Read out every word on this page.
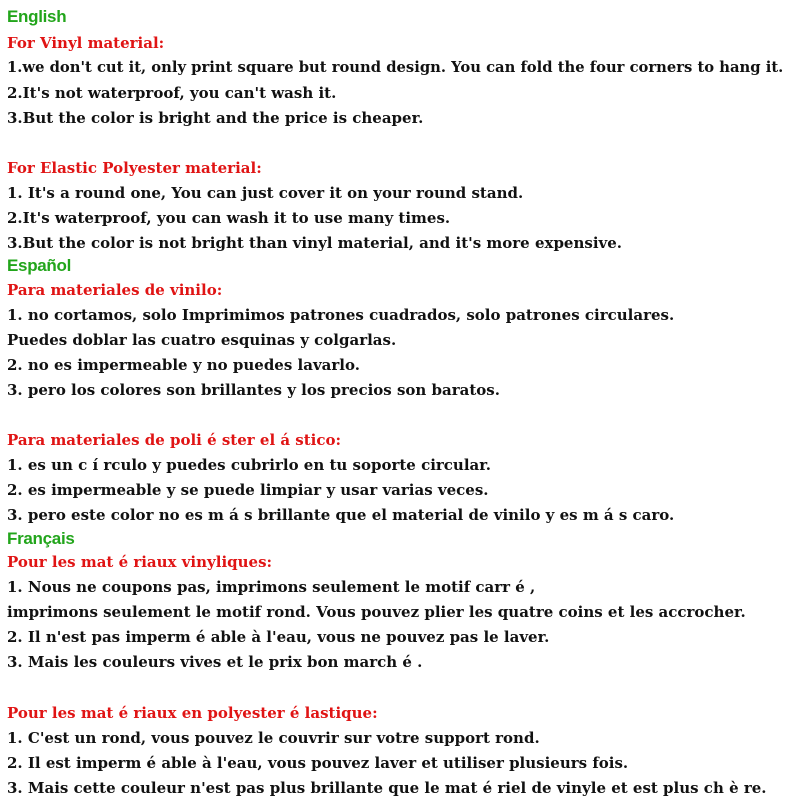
English
For Vinyl material:
1.we don't cut it, only print square but round design. You can fold the four corners to hang it.
2.It's not waterproof, you can't wash it.
3.But the color is bright and the price is cheaper.
For Elastic Polyester material:
1. It's a round one, You can just cover it on your round stand.
2.It's waterproof, you can wash it to use many times.
3.But the color is not bright than vinyl material, and it's more expensive.
Español
Para materiales de vinilo:
1. no cortamos, solo Imprimimos patrones cuadrados, solo patrones circulares.
Puedes doblar las cuatro esquinas y colgarlas.
2. no es impermeable y no puedes lavarlo.
3. pero los colores son brillantes y los precios son baratos.
Para materiales de poli é ster el á stico:
1. es un c í rculo y puedes cubrirlo en tu soporte circular.
2. es impermeable y se puede limpiar y usar varias veces.
3. pero este color no es m á s brillante que el material de vinilo y es m á s caro.
Français
Pour les mat é riaux vinyliques:
1. Nous ne coupons pas, imprimons seulement le motif carr é ,
imprimons seulement le motif rond. Vous pouvez plier les quatre coins et les accrocher.
2. Il n'est pas imperm é able à l'eau, vous ne pouvez pas le laver.
3. Mais les couleurs vives et le prix bon march é .
Pour les mat é riaux en polyester é lastique:
1. C'est un rond, vous pouvez le couvrir sur votre support rond.
2. Il est imperm é able à l'eau, vous pouvez laver et utiliser plusieurs fois.
3. Mais cette couleur n'est pas plus brillante que le mat é riel de vinyle et est plus ch è re.
